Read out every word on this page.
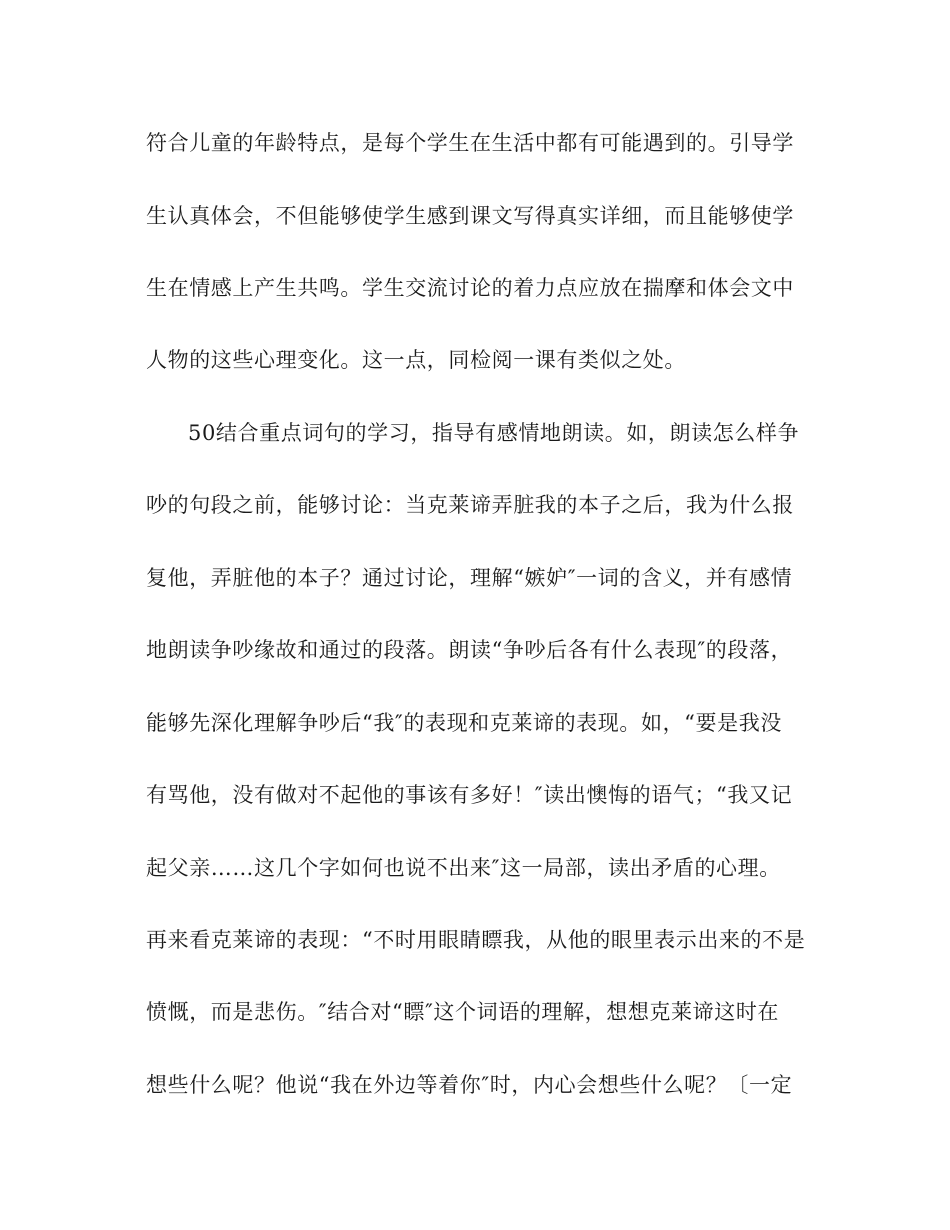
符合儿童的年龄特点，是每个学生在生活中都有可能遇到的。引导学
生认真体会，不但能够使学生感到课文写得真实详细，而且能够使学
生在情感上产生共鸣。学生交流讨论的着力点应放在揣摩和体会文中
人物的这些心理变化。这一点，同检阅一课有类似之处。
50结合重点词句的学习，指导有感情地朗读。如，朗读怎么样争
吵的句段之前，能够讨论：当克莱谛弄脏我的本子之后，我为什么报
复他，弄脏他的本子？通过讨论，理解“嫉妒″一词的含义，并有感情
地朗读争吵缘故和通过的段落。朗读“争吵后各有什么表现″的段落，
能够先深化理解争吵后“我″的表现和克莱谛的表现。如，“要是我没
有骂他，没有做对不起他的事该有多好！″读出懊悔的语气；“我又记
起父亲……这几个字如何也说不出来″这一局部，读出矛盾的心理。
再来看克莱谛的表现：“不时用眼睛瞟我，从他的眼里表示出来的不是
愤慨，而是悲伤。″结合对“瞟″这个词语的理解，想想克莱谛这时在
想些什么呢？他说“我在外边等着你″时，内心会想些什么呢？〔一定
